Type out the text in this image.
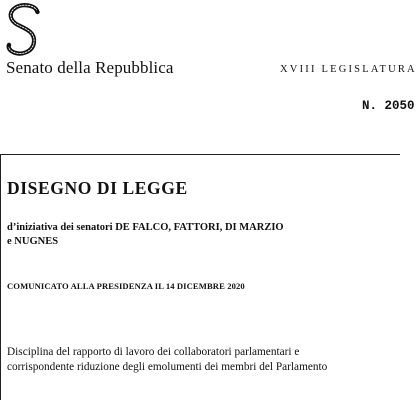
Senato della Repubblica	XVIII LEGISLATURA
N. 2050
DISEGNO DI LEGGE
d’iniziativa dei senatori DE FALCO, FATTORI, DI MARZIO
e NUGNES
COMUNICATO ALLA PRESIDENZA IL 14 DICEMBRE 2020
Disciplina del rapporto di lavoro dei collaboratori parlamentari e
corrispondente riduzione degli emolumenti dei membri del Parlamento
